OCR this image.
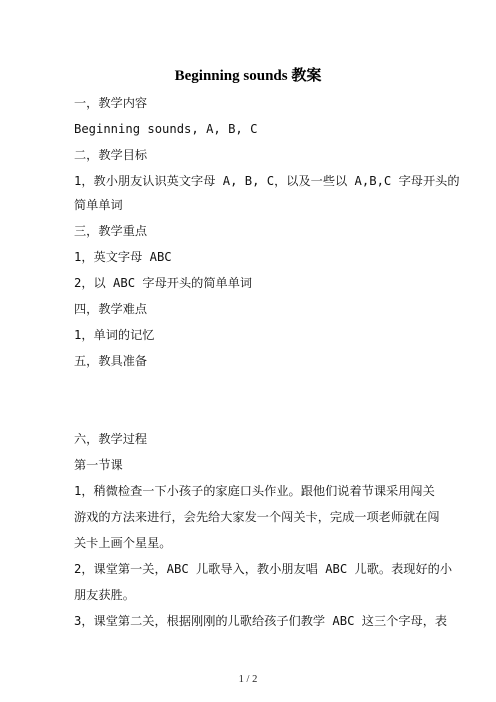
Beginning sounds 教案
一，教学内容
Beginning sounds, A, B, C
二，教学目标
1，教小朋友认识英文字母 A, B, C，以及一些以 A,B,C 字母开头的
简单单词
三，教学重点
1，英文字母 ABC
2，以 ABC 字母开头的简单单词
四，教学难点
1，单词的记忆
五，教具准备
六，教学过程
第一节课
1，稍微检查一下小孩子的家庭口头作业。跟他们说着节课采用闯关
游戏的方法来进行，会先给大家发一个闯关卡，完成一项老师就在闯
关卡上画个星星。
2，课堂第一关，ABC 儿歌导入，教小朋友唱 ABC 儿歌。表现好的小
朋友获胜。
3，课堂第二关，根据刚刚的儿歌给孩子们教学 ABC 这三个字母，表
1 / 2
